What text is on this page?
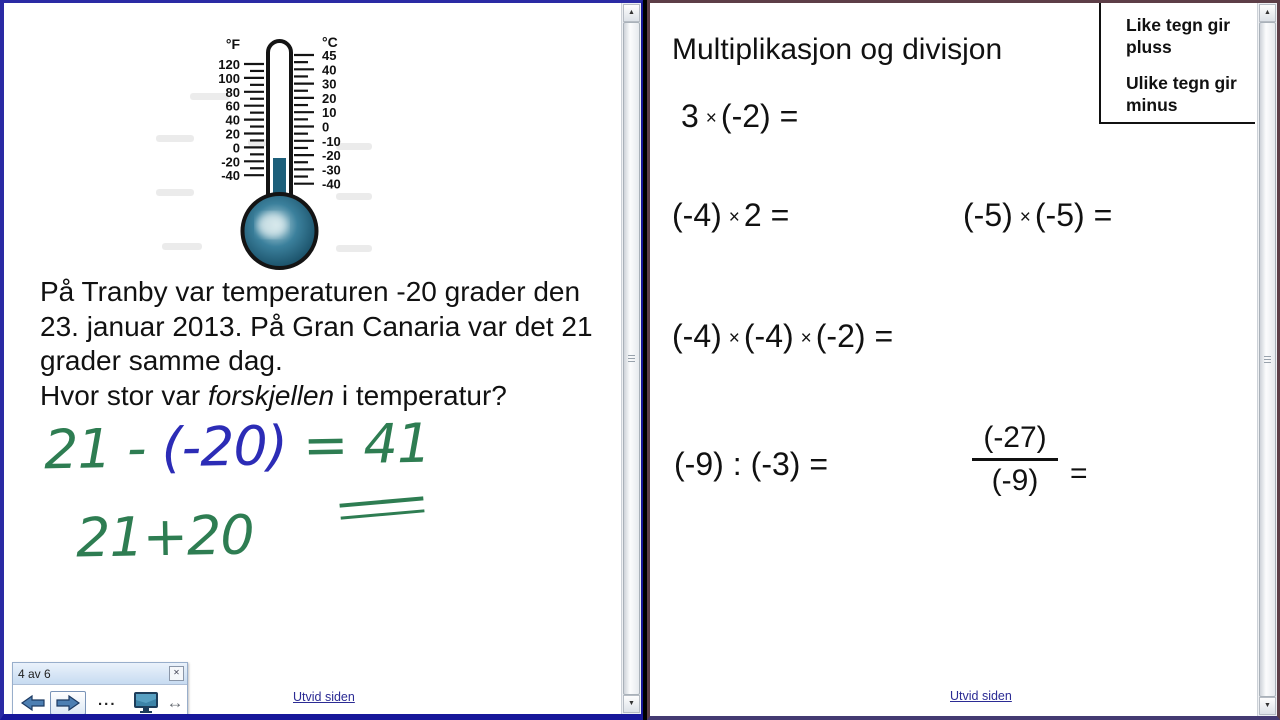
°F	°C
120
100
80
60
40
20
0
-20
-40
45
40
30
20
10
0
-10
-20
-30
-40
På Tranby var temperaturen -20 grader den
23. januar 2013. På Gran Canaria var det 21
grader samme dag.
Hvor stor var forskjellen i temperatur?
21 - (-20) = 41
21+20
4 av 6	✕
...	↔	Utvid siden
▲
▼
Multiplikasjon og divisjon

Like tegn gir pluss

Ulike tegn gir minus

3 × (-2) =
(-4) × 2 =	(-5) × (-5) =
(-4) × (-4) × (-2) =
(-9) : (-3) =	$\frac{(-27)}{(-9)}$ =
Utvid siden
▲
▼
